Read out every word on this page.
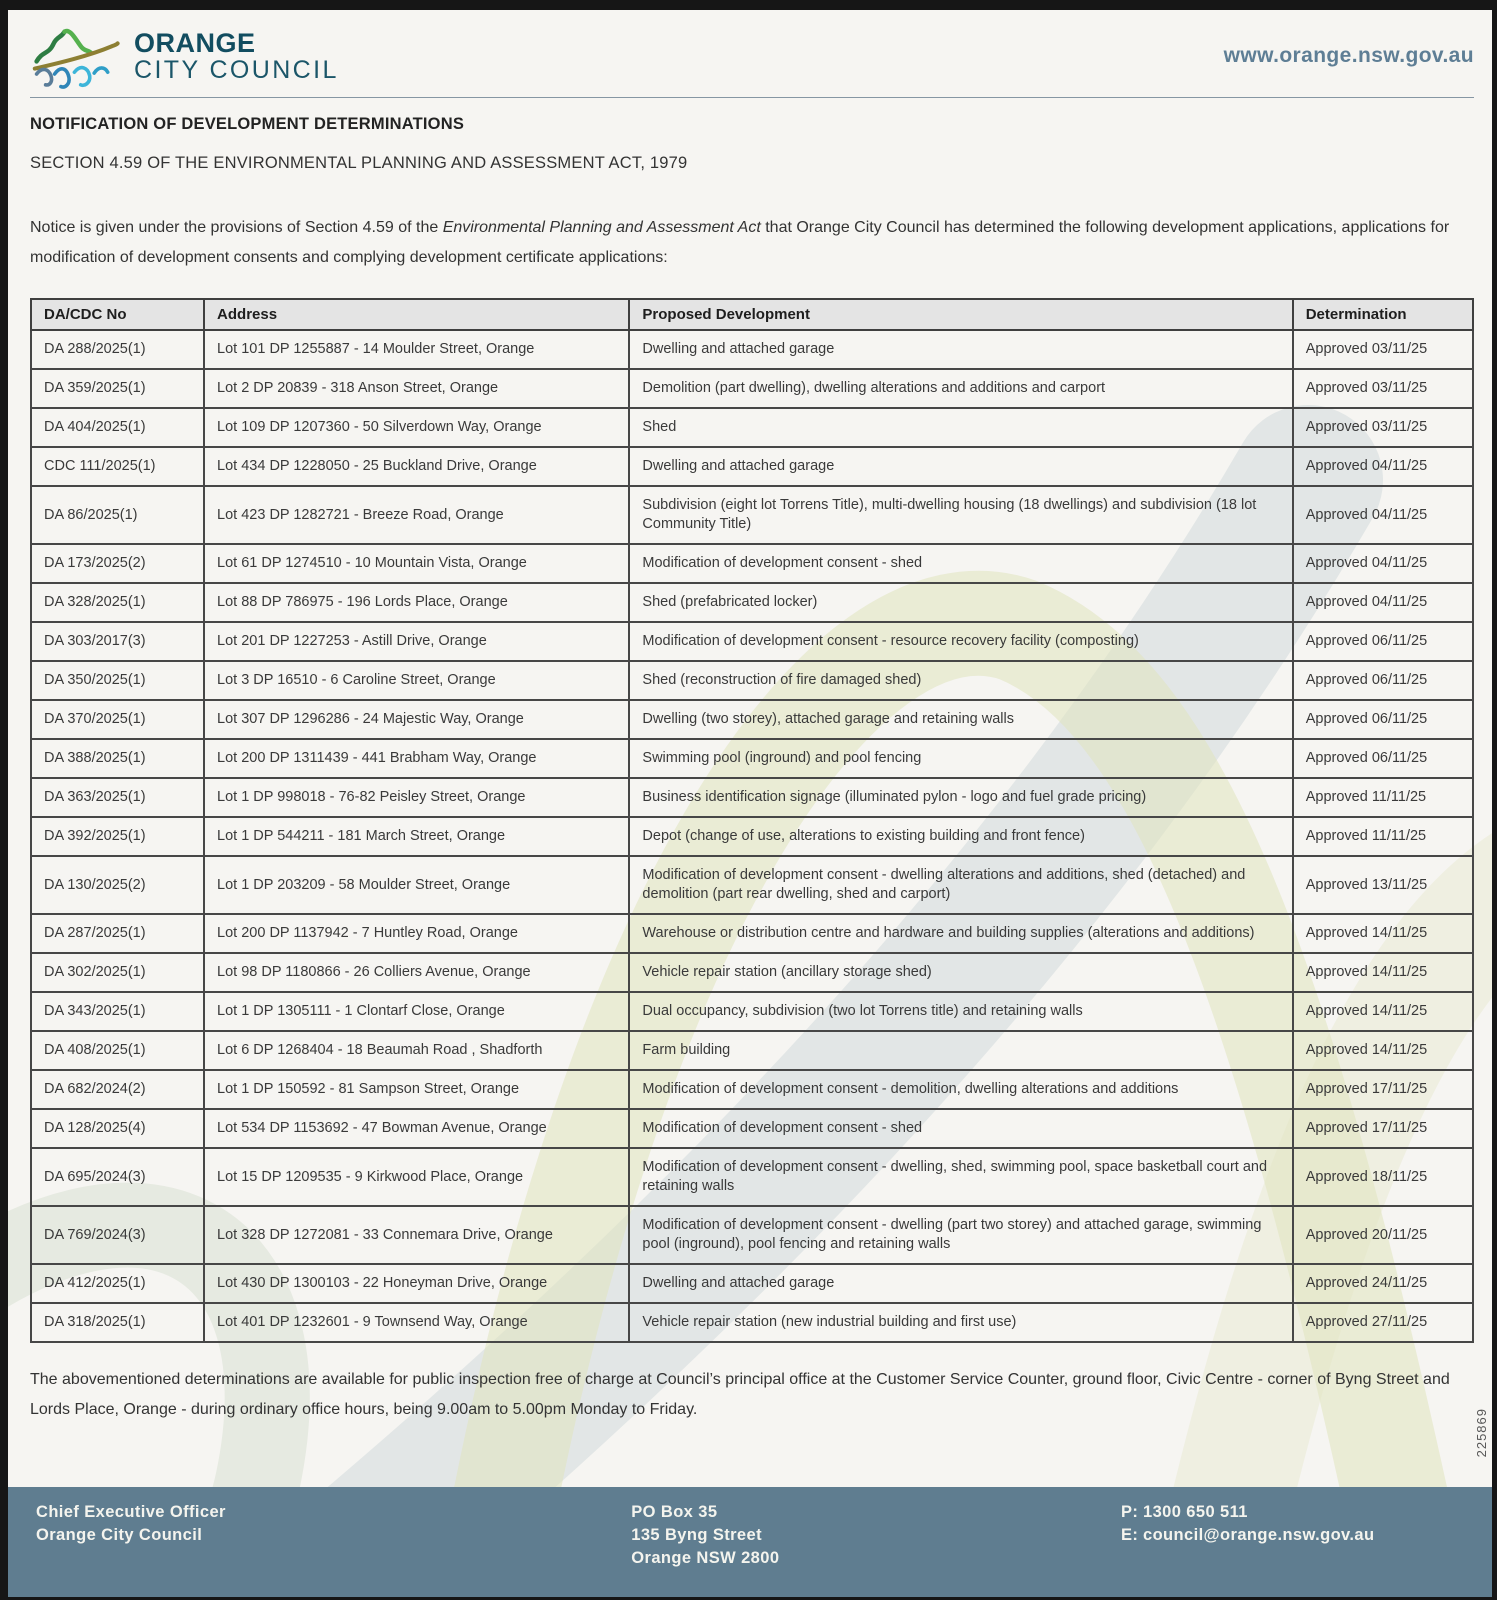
ORANGE
CITY COUNCIL
www.orange.nsw.gov.au
NOTIFICATION OF DEVELOPMENT DETERMINATIONS
SECTION 4.59 OF THE ENVIRONMENTAL PLANNING AND ASSESSMENT ACT, 1979

Notice is given under the provisions of Section 4.59 of the Environmental Planning and Assessment Act that Orange City Council has determined the following development applications, applications for modification of development consents and complying development certificate applications:

DA/CDC No	Address	Proposed Development	Determination
DA 288/2025(1)	Lot 101 DP 1255887 - 14 Moulder Street, Orange	Dwelling and attached garage	Approved 03/11/25
DA 359/2025(1)	Lot 2 DP 20839 - 318 Anson Street, Orange	Demolition (part dwelling), dwelling alterations and additions and carport	Approved 03/11/25
DA 404/2025(1)	Lot 109 DP 1207360 - 50 Silverdown Way, Orange	Shed	Approved 03/11/25
CDC 111/2025(1)	Lot 434 DP 1228050 - 25 Buckland Drive, Orange	Dwelling and attached garage	Approved 04/11/25
DA 86/2025(1)	Lot 423 DP 1282721 - Breeze Road, Orange	Subdivision (eight lot Torrens Title), multi-dwelling housing (18 dwellings) and subdivision (18 lot Community Title)	Approved 04/11/25
DA 173/2025(2)	Lot 61 DP 1274510 - 10 Mountain Vista, Orange	Modification of development consent - shed	Approved 04/11/25
DA 328/2025(1)	Lot 88 DP 786975 - 196 Lords Place, Orange	Shed (prefabricated locker)	Approved 04/11/25
DA 303/2017(3)	Lot 201 DP 1227253 - Astill Drive, Orange	Modification of development consent - resource recovery facility (composting)	Approved 06/11/25
DA 350/2025(1)	Lot 3 DP 16510 - 6 Caroline Street, Orange	Shed (reconstruction of fire damaged shed)	Approved 06/11/25
DA 370/2025(1)	Lot 307 DP 1296286 - 24 Majestic Way, Orange	Dwelling (two storey), attached garage and retaining walls	Approved 06/11/25
DA 388/2025(1)	Lot 200 DP 1311439 - 441 Brabham Way, Orange	Swimming pool (inground) and pool fencing	Approved 06/11/25
DA 363/2025(1)	Lot 1 DP 998018 - 76-82 Peisley Street, Orange	Business identification signage (illuminated pylon - logo and fuel grade pricing)	Approved 11/11/25
DA 392/2025(1)	Lot 1 DP 544211 - 181 March Street, Orange	Depot (change of use, alterations to existing building and front fence)	Approved 11/11/25
DA 130/2025(2)	Lot 1 DP 203209 - 58 Moulder Street, Orange	Modification of development consent - dwelling alterations and additions, shed (detached) and demolition (part rear dwelling, shed and carport)	Approved 13/11/25
DA 287/2025(1)	Lot 200 DP 1137942 - 7 Huntley Road, Orange	Warehouse or distribution centre and hardware and building supplies (alterations and additions)	Approved 14/11/25
DA 302/2025(1)	Lot 98 DP 1180866 - 26 Colliers Avenue, Orange	Vehicle repair station (ancillary storage shed)	Approved 14/11/25
DA 343/2025(1)	Lot 1 DP 1305111 - 1 Clontarf Close, Orange	Dual occupancy, subdivision (two lot Torrens title) and retaining walls	Approved 14/11/25
DA 408/2025(1)	Lot 6 DP 1268404 - 18 Beaumah Road , Shadforth	Farm building	Approved 14/11/25
DA 682/2024(2)	Lot 1 DP 150592 - 81 Sampson Street, Orange	Modification of development consent - demolition, dwelling alterations and additions	Approved 17/11/25
DA 128/2025(4)	Lot 534 DP 1153692 - 47 Bowman Avenue, Orange	Modification of development consent - shed	Approved 17/11/25
DA 695/2024(3)	Lot 15 DP 1209535 - 9 Kirkwood Place, Orange	Modification of development consent - dwelling, shed, swimming pool, space basketball court and retaining walls	Approved 18/11/25
DA 769/2024(3)	Lot 328 DP 1272081 - 33 Connemara Drive, Orange	Modification of development consent - dwelling (part two storey) and attached garage, swimming pool (inground), pool fencing and retaining walls	Approved 20/11/25
DA 412/2025(1)	Lot 430 DP 1300103 - 22 Honeyman Drive, Orange	Dwelling and attached garage	Approved 24/11/25
DA 318/2025(1)	Lot 401 DP 1232601 - 9 Townsend Way, Orange	Vehicle repair station (new industrial building and first use)	Approved 27/11/25

The abovementioned determinations are available for public inspection free of charge at Council’s principal office at the Customer Service Counter, ground floor, Civic Centre - corner of Byng Street and Lords Place, Orange - during ordinary office hours, being 9.00am to 5.00pm Monday to Friday.	225869
Chief Executive Officer
Orange City Council
PO Box 35
135 Byng Street
Orange NSW 2800
P: 1300 650 511
E: council@orange.nsw.gov.au
